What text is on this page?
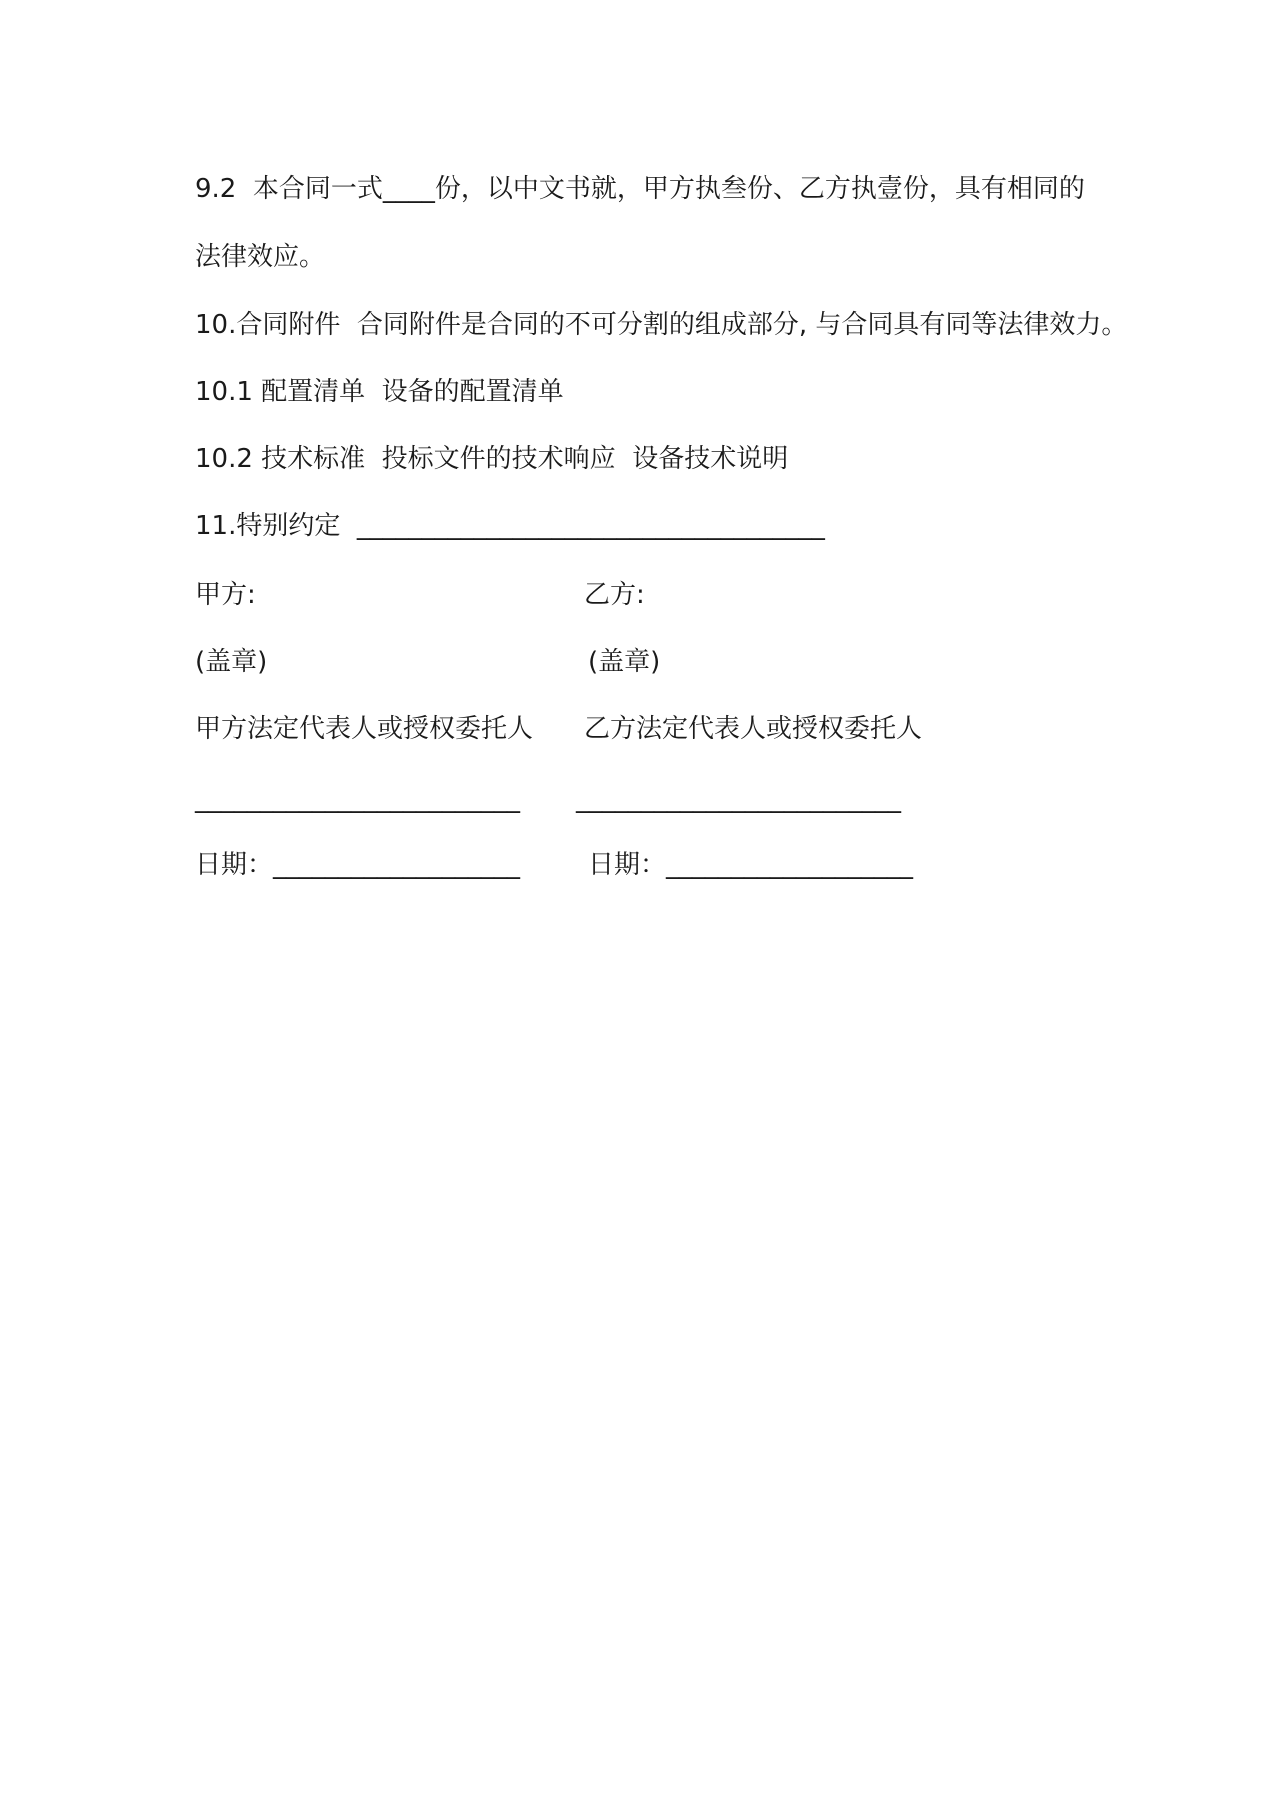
9.2  本合同一式____份，以中文书就，甲方执叁份、乙方执壹份，具有相同的
法律效应。
10.合同附件  合同附件是合同的不可分割的组成部分, 与合同具有同等法律效力。
10.1 配置清单  设备的配置清单
10.2 技术标准  投标文件的技术响应  设备技术说明
11.特别约定  ____________________________________
甲方:	乙方:
(盖章)	(盖章)
甲方法定代表人或授权委托人 乙方法定代表人或授权委托人
_________________________ _________________________
日期：___________________	日期：___________________
